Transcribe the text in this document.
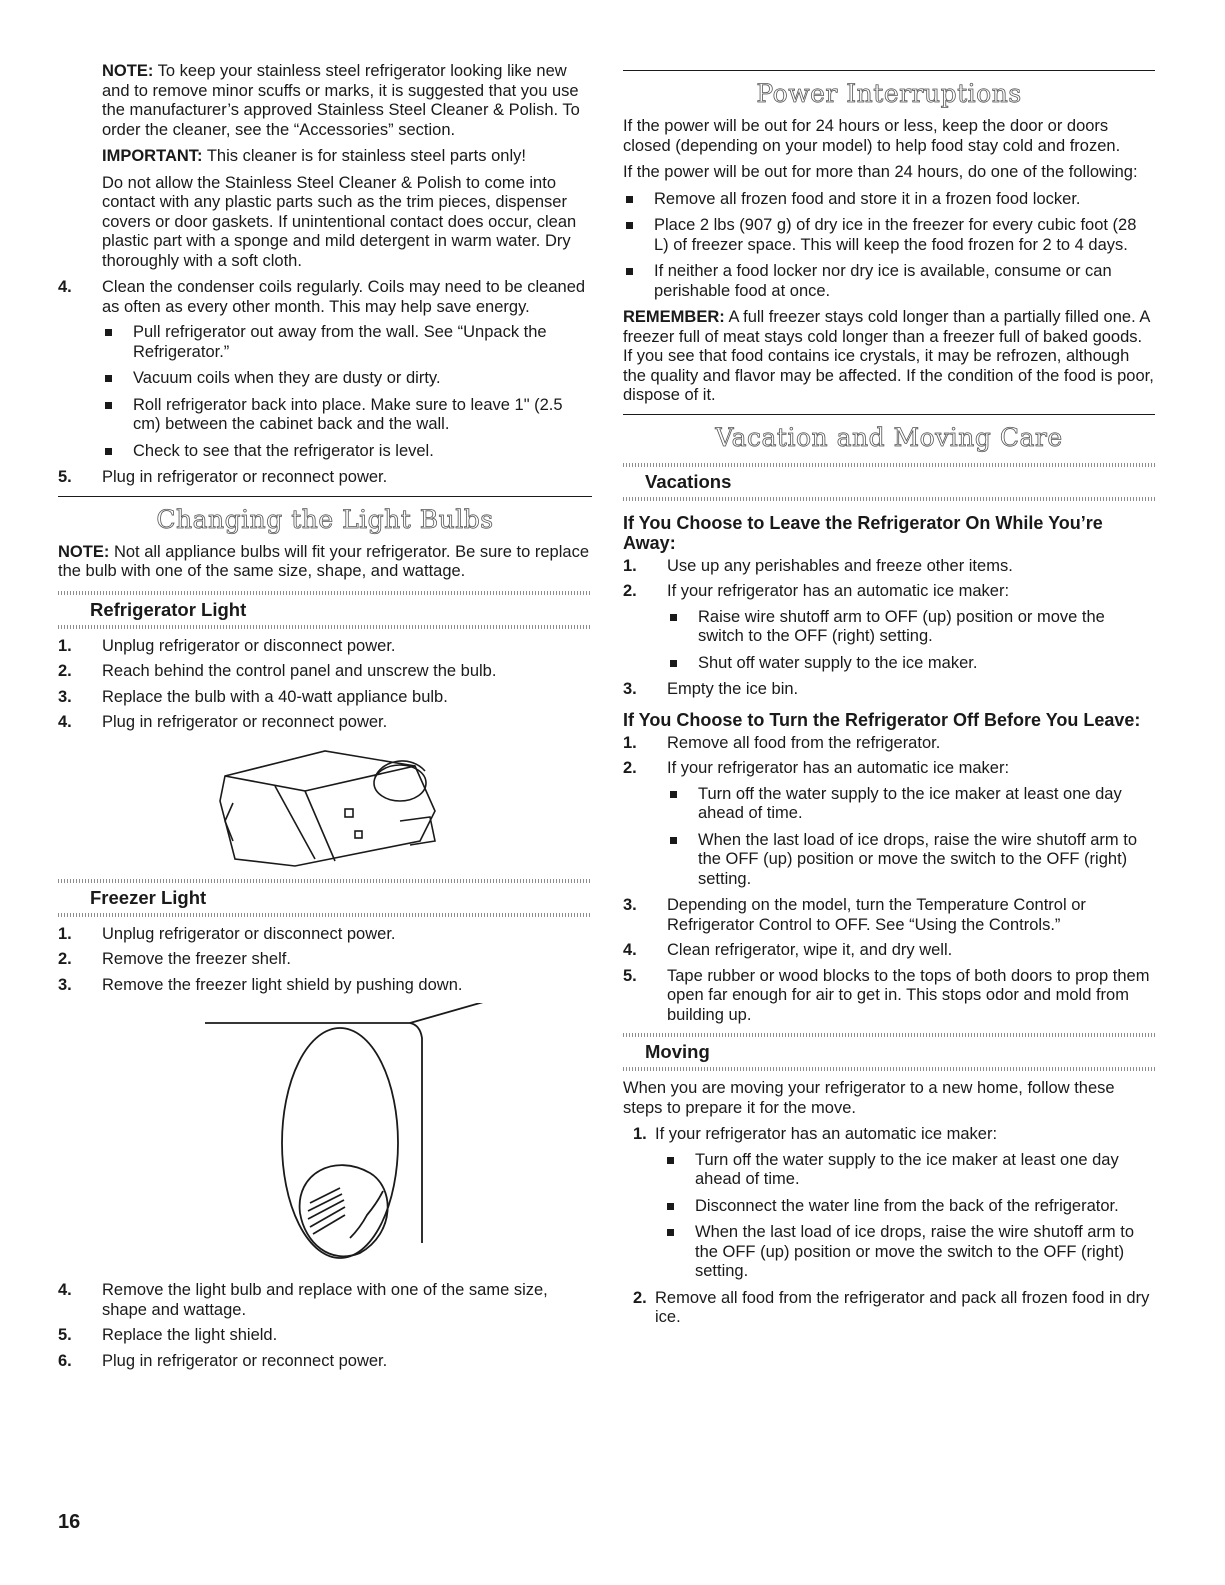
NOTE: To keep your stainless steel refrigerator looking like new and to remove minor scuffs or marks, it is suggested that you use the manufacturer’s approved Stainless Steel Cleaner & Polish. To order the cleaner, see the “Accessories” section.

IMPORTANT: This cleaner is for stainless steel parts only!

Do not allow the Stainless Steel Cleaner & Polish to come into contact with any plastic parts such as the trim pieces, dispenser covers or door gaskets. If unintentional contact does occur, clean plastic part with a sponge and mild detergent in warm water. Dry thoroughly with a soft cloth.

4.	Clean the condenser coils regularly. Coils may need to be cleaned as often as every other month. This may help save energy.
Pull refrigerator out away from the wall. See “Unpack the Refrigerator.”
Vacuum coils when they are dusty or dirty.
Roll refrigerator back into place. Make sure to leave 1" (2.5 cm) between the cabinet back and the wall.
Check to see that the refrigerator is level.
5.	Plug in refrigerator or reconnect power.
Changing the Light Bulbs

NOTE: Not all appliance bulbs will fit your refrigerator. Be sure to replace the bulb with one of the same size, shape, and wattage.

Refrigerator Light
1.	Unplug refrigerator or disconnect power.
2.	Reach behind the control panel and unscrew the bulb.
3.	Replace the bulb with a 40-watt appliance bulb.
4.	Plug in refrigerator or reconnect power.
Freezer Light
1.	Unplug refrigerator or disconnect power.
2.	Remove the freezer shelf.
3.	Remove the freezer light shield by pushing down.
4.	Remove the light bulb and replace with one of the same size, shape and wattage.
5.	Replace the light shield.
6.	Plug in refrigerator or reconnect power.
Power Interruptions

If the power will be out for 24 hours or less, keep the door or doors closed (depending on your model) to help food stay cold and frozen.

If the power will be out for more than 24 hours, do one of the following:

Remove all frozen food and store it in a frozen food locker.
Place 2 lbs (907 g) of dry ice in the freezer for every cubic foot (28 L) of freezer space. This will keep the food frozen for 2 to 4 days.
If neither a food locker nor dry ice is available, consume or can perishable food at once.

REMEMBER: A full freezer stays cold longer than a partially filled one. A freezer full of meat stays cold longer than a freezer full of baked goods. If you see that food contains ice crystals, it may be refrozen, although the quality and flavor may be affected. If the condition of the food is poor, dispose of it.

Vacation and Moving Care
Vacations
If You Choose to Leave the Refrigerator On While You’re Away:
1.	Use up any perishables and freeze other items.
2.	If your refrigerator has an automatic ice maker:
Raise wire shutoff arm to OFF (up) position or move the switch to the OFF (right) setting.
Shut off water supply to the ice maker.
3.	Empty the ice bin.
If You Choose to Turn the Refrigerator Off Before You Leave:
1.	Remove all food from the refrigerator.
2.	If your refrigerator has an automatic ice maker:
Turn off the water supply to the ice maker at least one day ahead of time.
When the last load of ice drops, raise the wire shutoff arm to the OFF (up) position or move the switch to the OFF (right) setting.
3.	Depending on the model, turn the Temperature Control or Refrigerator Control to OFF. See “Using the Controls.”
4.	Clean refrigerator, wipe it, and dry well.
5.	Tape rubber or wood blocks to the tops of both doors to prop them open far enough for air to get in. This stops odor and mold from building up.
Moving

When you are moving your refrigerator to a new home, follow these steps to prepare it for the move.

1. If your refrigerator has an automatic ice maker:
Turn off the water supply to the ice maker at least one day ahead of time.
Disconnect the water line from the back of the refrigerator.
When the last load of ice drops, raise the wire shutoff arm to the OFF (up) position or move the switch to the OFF (right) setting.
2. Remove all food from the refrigerator and pack all frozen food in dry ice.
16
